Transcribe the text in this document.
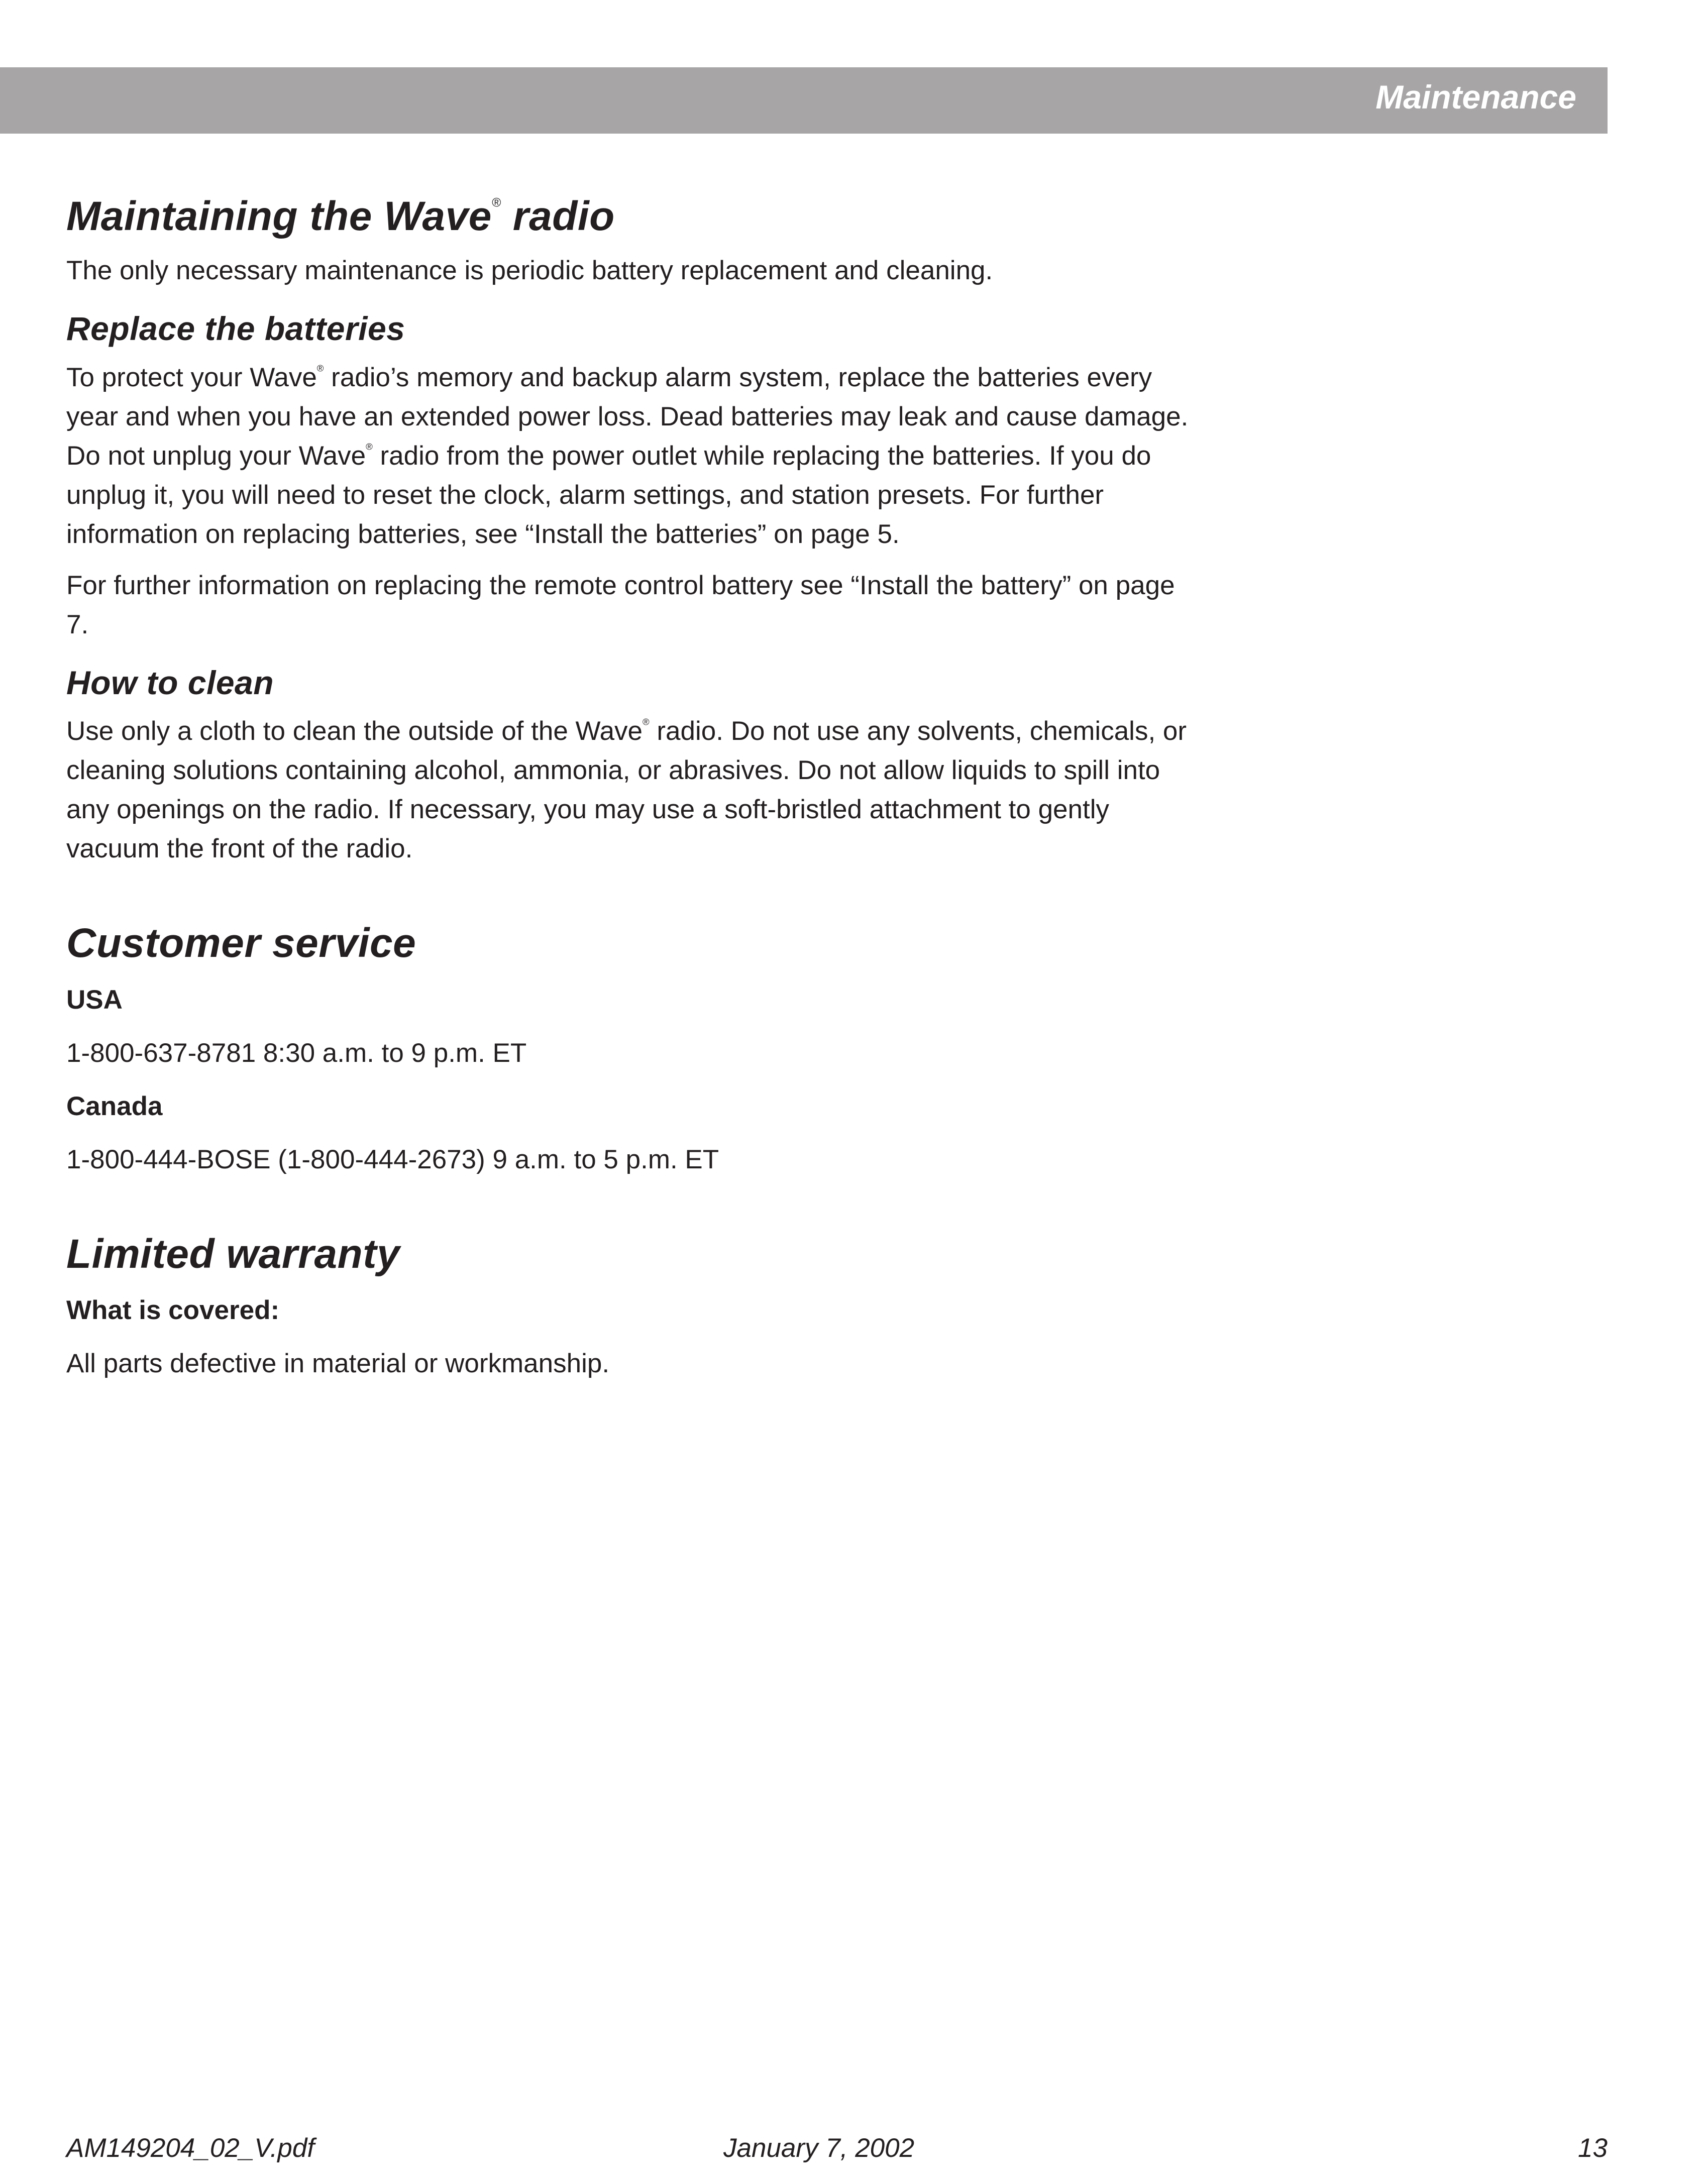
Maintenance
Maintaining the Wave® radio

The only necessary maintenance is periodic battery replacement and cleaning.

Replace the batteries

To protect your Wave® radio’s memory and backup alarm system, replace the batteries every year and when you have an extended power loss. Dead batteries may leak and cause damage. Do not unplug your Wave® radio from the power outlet while replacing the batteries. If you do unplug it, you will need to reset the clock, alarm settings, and station presets. For further information on replacing batteries, see “Install the batteries” on page 5.

For further information on replacing the remote control battery see “Install the battery” on page 7.

How to clean

Use only a cloth to clean the outside of the Wave® radio. Do not use any solvents, chemicals, or cleaning solutions containing alcohol, ammonia, or abrasives. Do not allow liquids to spill into any openings on the radio. If necessary, you may use a soft-bristled attachment to gently vacuum the front of the radio.

Customer service
USA

1-800-637-8781 8:30 a.m. to 9 p.m. ET

Canada

1-800-444-BOSE (1-800-444-2673) 9 a.m. to 5 p.m. ET

Limited warranty
What is covered:

All parts defective in material or workmanship.

AM149204_02_V.pdf	January 7, 2002	13
